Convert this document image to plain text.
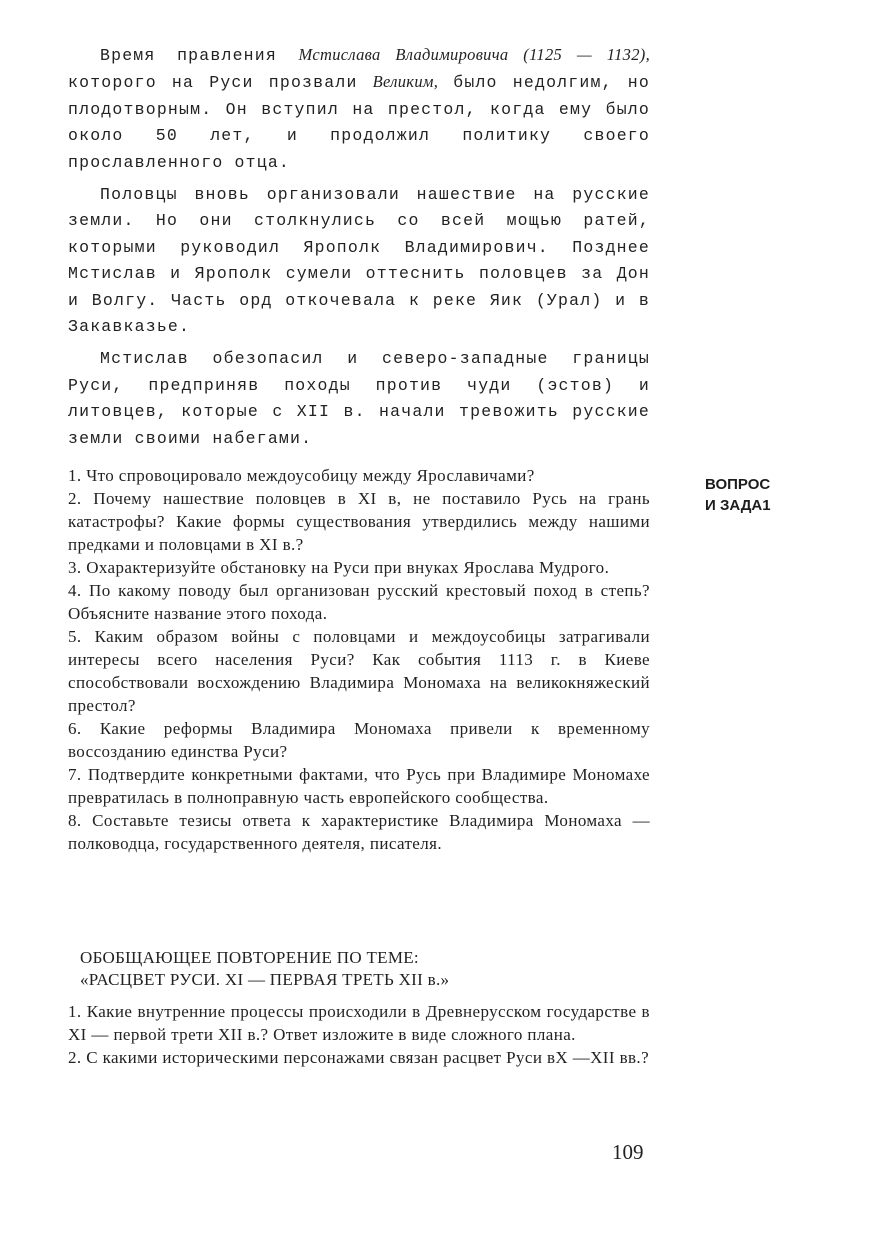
Время правления Мстислава Владимировича (1125 — 1132), которого на Руси прозвали Великим, было недолгим, но плодотворным. Он вступил на престол, когда ему было около 50 лет, и продолжил политику своего прославленного отца.

Половцы вновь организовали нашествие на русские земли. Но они столкнулись со всей мощью ратей, которыми руководил Ярополк Владимирович. Позднее Мстислав и Ярополк сумели оттеснить половцев за Дон и Волгу. Часть орд откочевала к реке Яик (Урал) и в Закавказье.

Мстислав обезопасил и северо-западные границы Руси, предприняв походы против чуди (эстов) и литовцев, которые с XII в. начали тревожить русские земли своими набегами.

ВОПРОС
И ЗАДА1

1. Что спровоцировало междоусобицу между Ярославичами?

2. Почему нашествие половцев в XI в, не поставило Русь на грань катастрофы? Какие формы существования утвердились между нашими предками и половцами в XI в.?

3. Охарактеризуйте обстановку на Руси при внуках Ярослава Мудрого.

4. По какому поводу был организован русский крестовый поход в степь? Объясните название этого похода.

5. Каким образом войны с половцами и междоусобицы затрагивали интересы всего населения Руси? Как события 1113 г. в Киеве способствовали восхождению Владимира Мономаха на великокняжеский престол?

6. Какие реформы Владимира Мономаха привели к временному воссозданию единства Руси?

7. Подтвердите конкретными фактами, что Русь при Владимире Мономахе превратилась в полноправную часть европейского сообщества.

8. Составьте тезисы ответа к характеристике Владимира Мономаха — полководца, государственного деятеля, писателя.

ОБОБЩАЮЩЕЕ ПОВТОРЕНИЕ ПО ТЕМЕ:
«РАСЦВЕТ РУСИ. XI — ПЕРВАЯ ТРЕТЬ XII в.»

1. Какие внутренние процессы происходили в Древнерусском государстве в XI — первой трети XII в.? Ответ изложите в виде сложного плана.

2. С какими историческими персонажами связан расцвет Руси вX —XII вв.?

109
